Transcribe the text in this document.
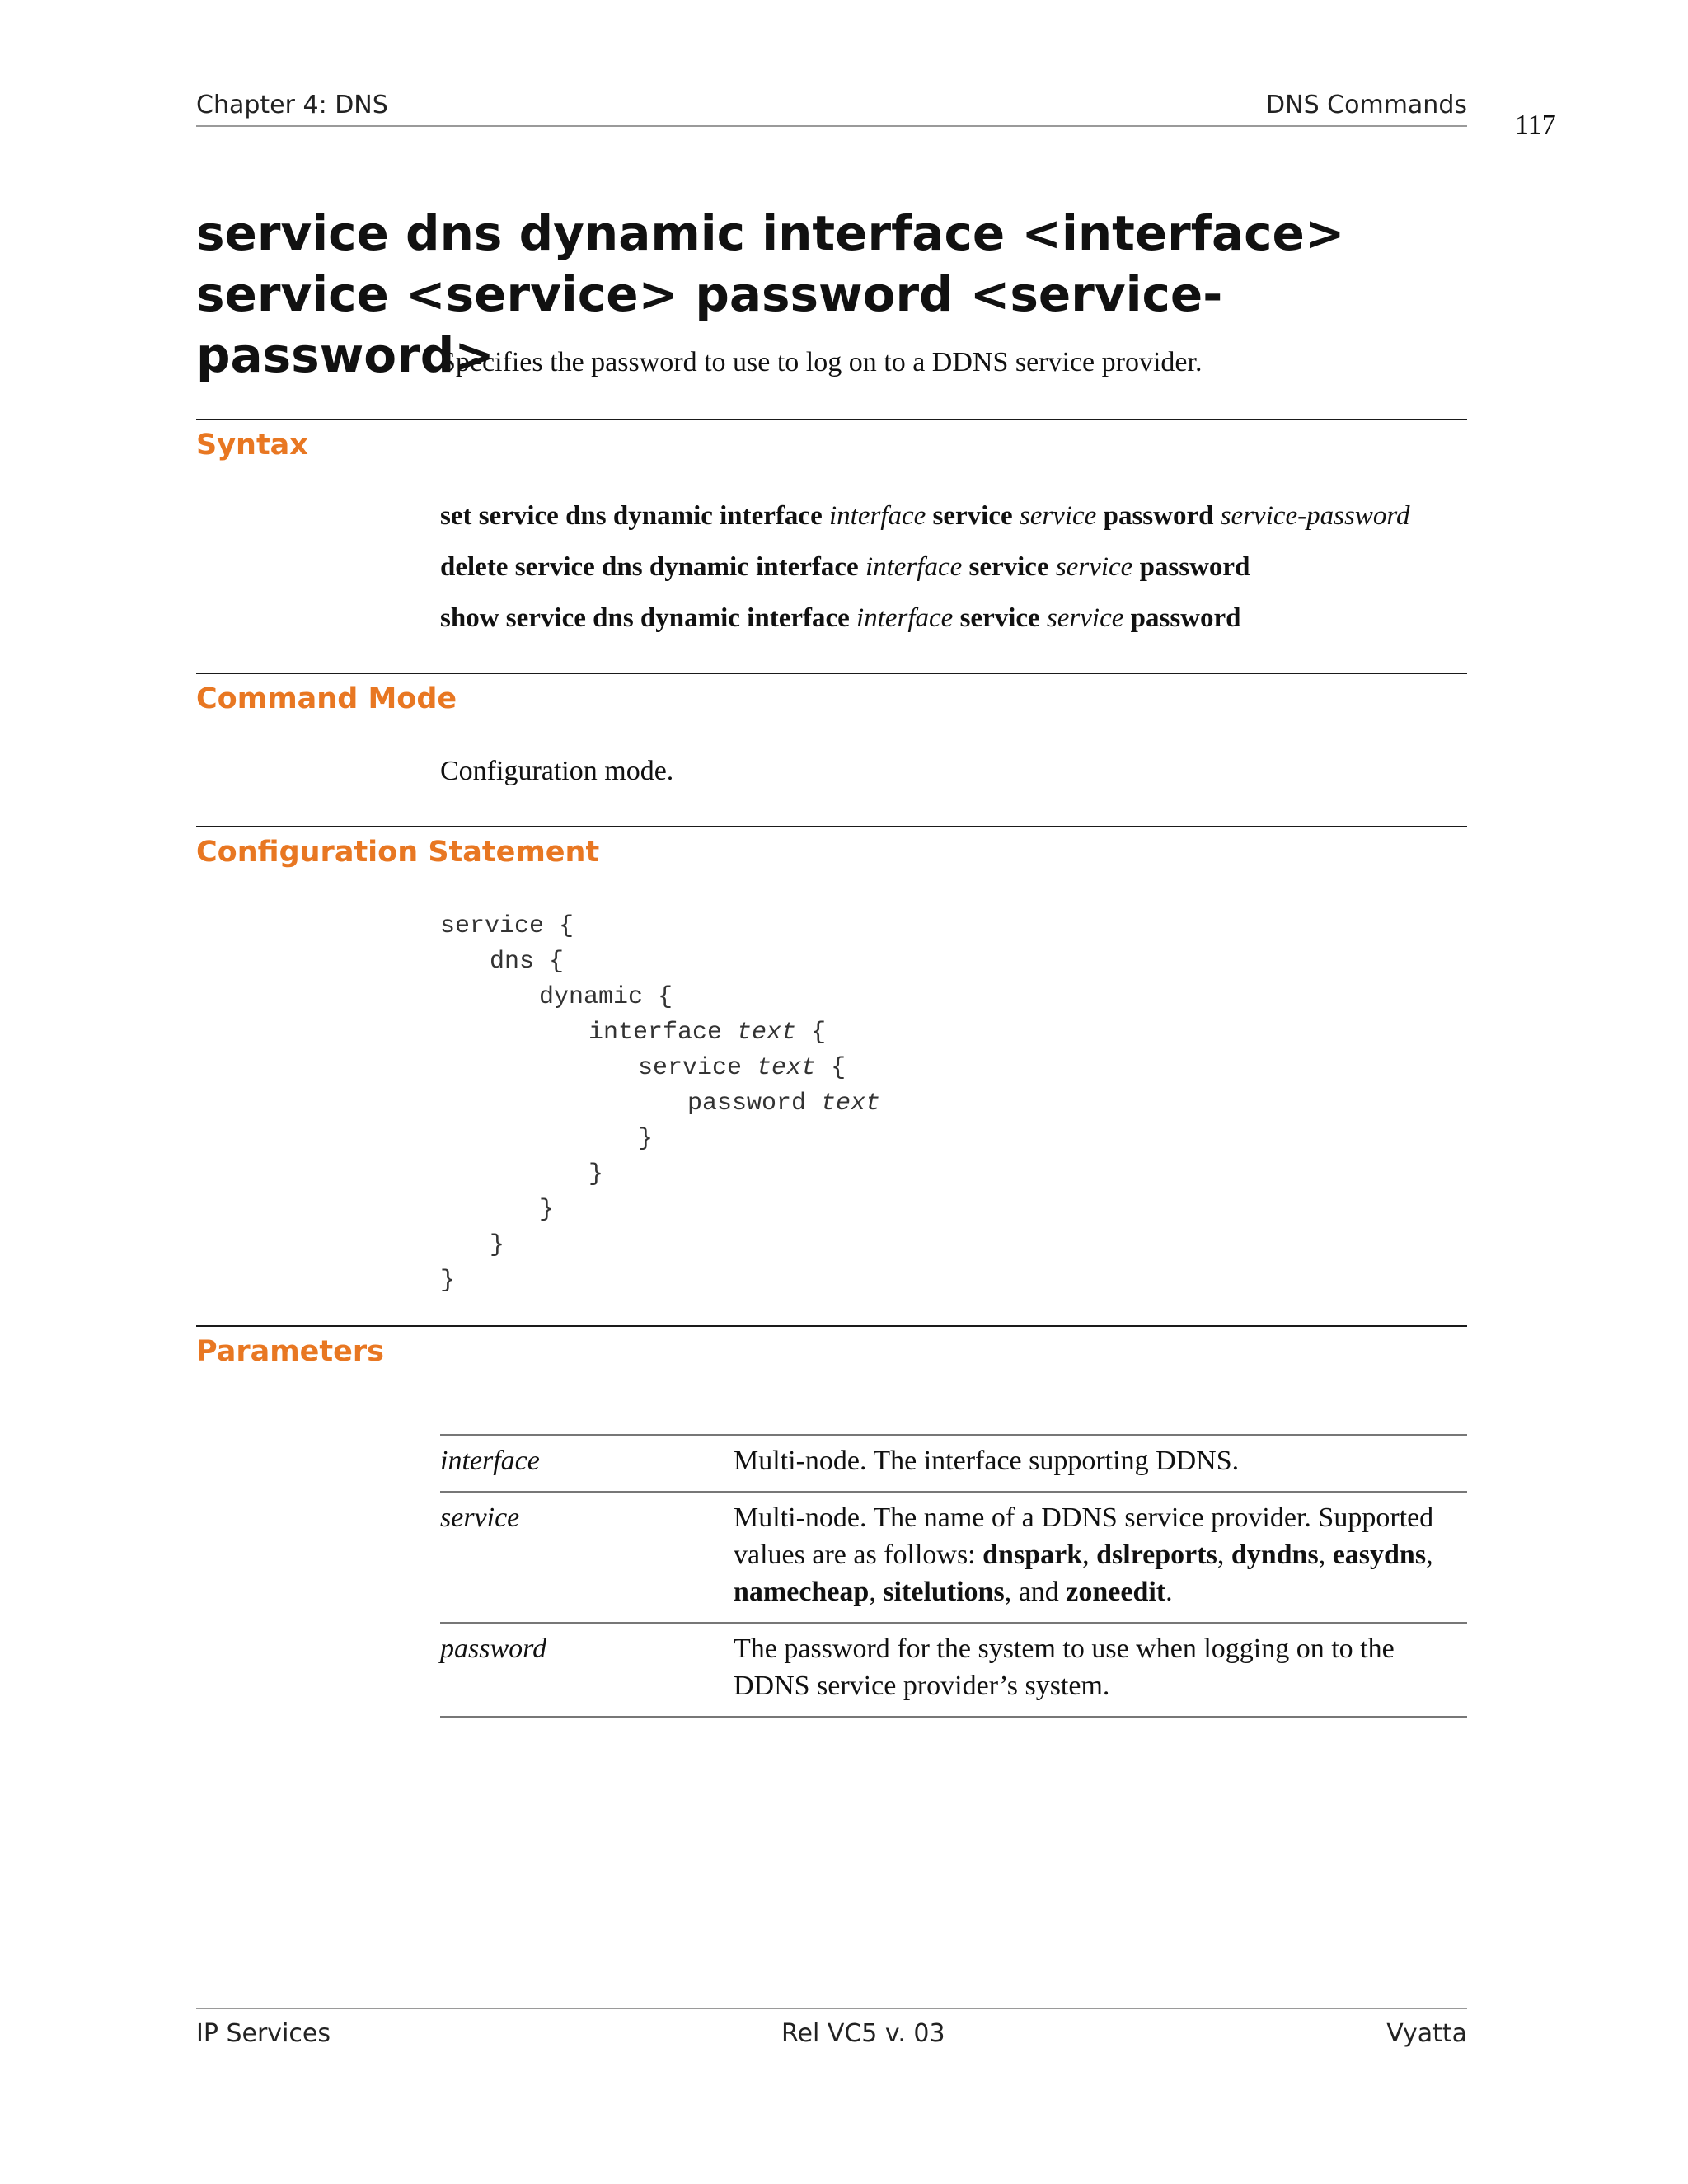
Chapter 4: DNS	DNS Commands
117
service dns dynamic interface <interface> service <service> password <service-password>

Specifies the password to use to log on to a DDNS service provider.

Syntax
set service dns dynamic interface interface service service password service-password
delete service dns dynamic interface interface service service password
show service dns dynamic interface interface service service password
Command Mode

Configuration mode.

Configuration Statement
service {
dns {
dynamic {
interface text {
service text {
password text
}
}
}
}
}
Parameters
interface	Multi-node. The interface supporting DDNS.
service	Multi-node. The name of a DDNS service provider. Supported values are as follows: dnspark, dslreports, dyndns, easydns, namecheap, sitelutions, and zoneedit.
password	The password for the system to use when logging on to the DDNS service provider’s system.
IP Services	Rel VC5 v. 03	Vyatta
